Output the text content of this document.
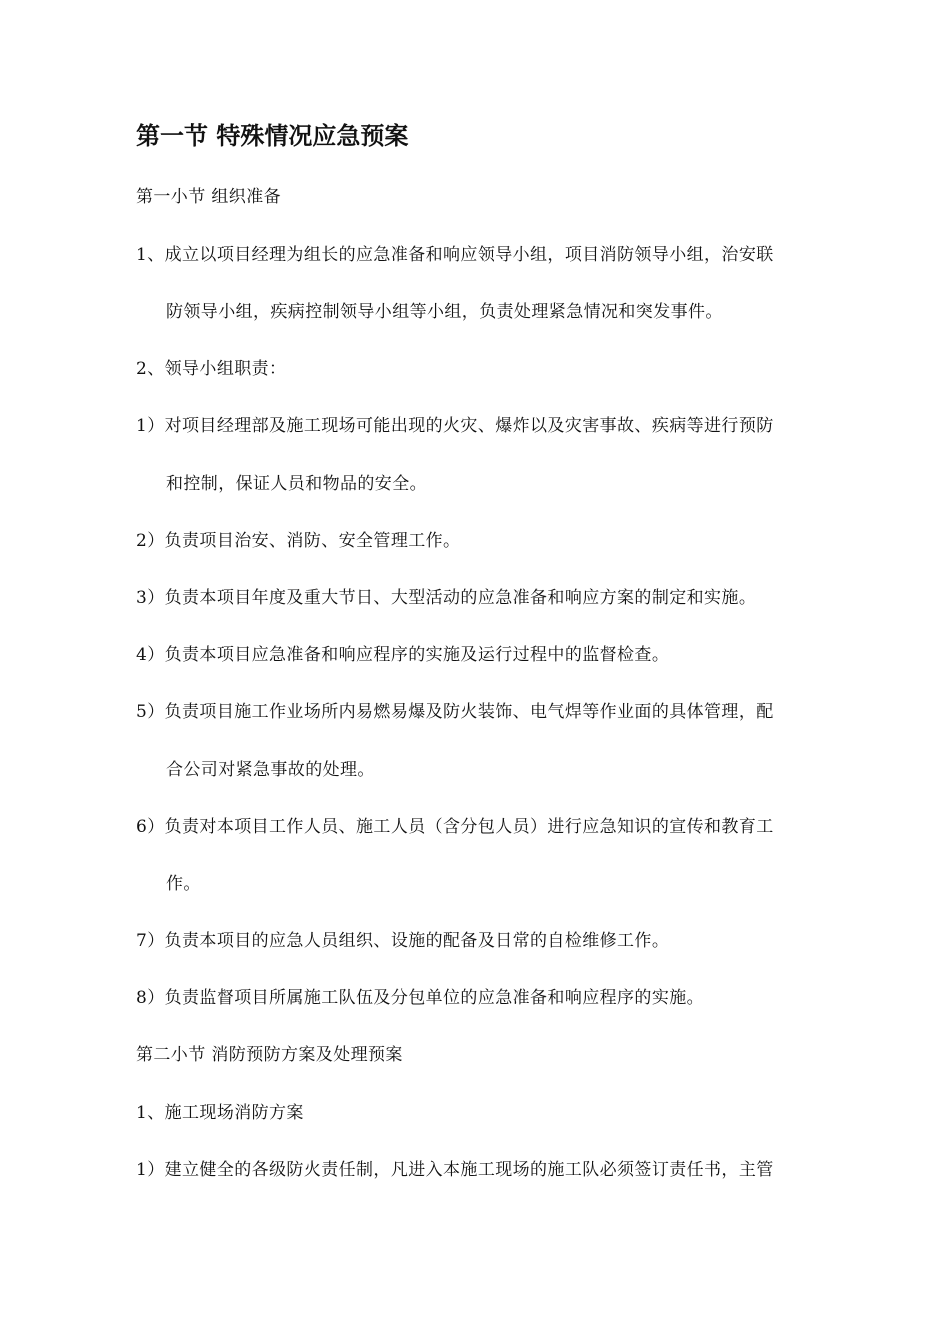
第一节 特殊情况应急预案
第一小节 组织准备
1、成立以项目经理为组长的应急准备和响应领导小组，项目消防领导小组，治安联
防领导小组，疾病控制领导小组等小组，负责处理紧急情况和突发事件。
2、领导小组职责：
1）对项目经理部及施工现场可能出现的火灾、爆炸以及灾害事故、疾病等进行预防
和控制，保证人员和物品的安全。
2）负责项目治安、消防、安全管理工作。
3）负责本项目年度及重大节日、大型活动的应急准备和响应方案的制定和实施。
4）负责本项目应急准备和响应程序的实施及运行过程中的监督检查。
5）负责项目施工作业场所内易燃易爆及防火装饰、电气焊等作业面的具体管理，配
合公司对紧急事故的处理。
6）负责对本项目工作人员、施工人员（含分包人员）进行应急知识的宣传和教育工
作。
7）负责本项目的应急人员组织、设施的配备及日常的自检维修工作。
8）负责监督项目所属施工队伍及分包单位的应急准备和响应程序的实施。
第二小节 消防预防方案及处理预案
1、施工现场消防方案
1）建立健全的各级防火责任制，凡进入本施工现场的施工队必须签订责任书，主管
